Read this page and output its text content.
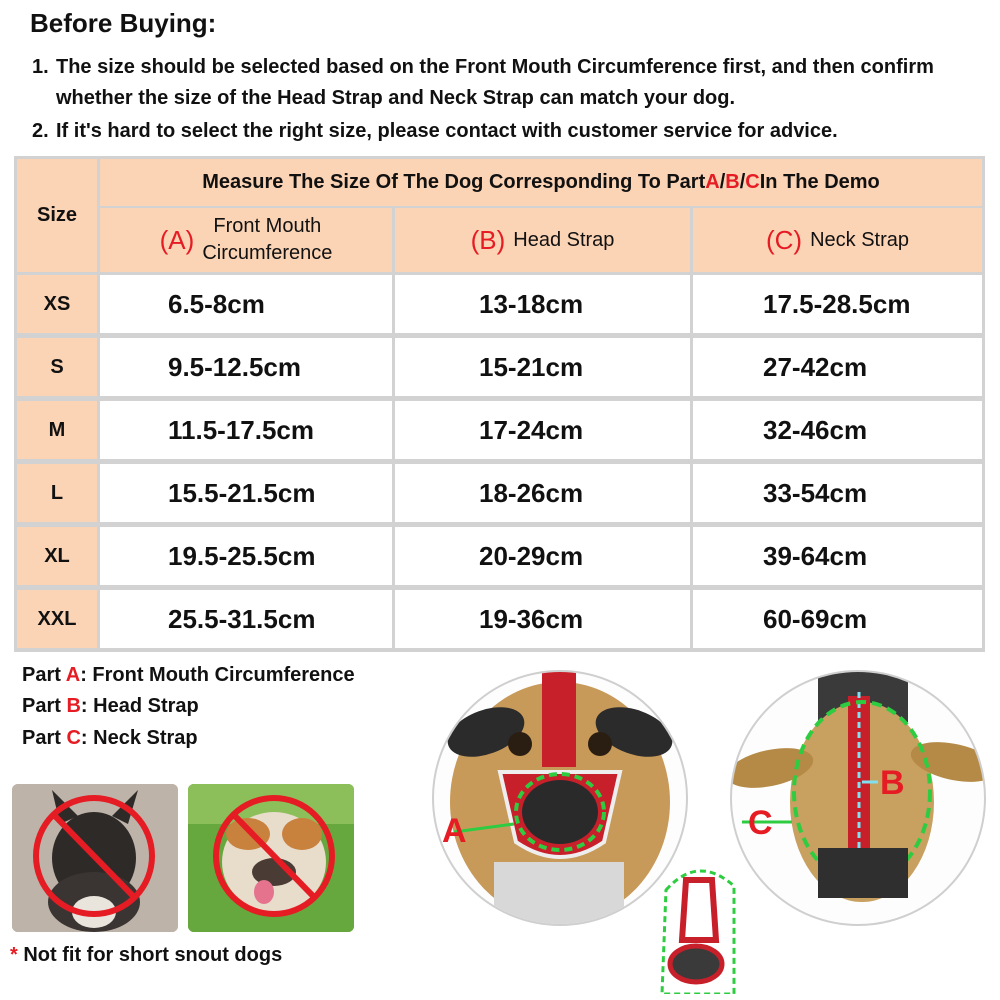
Before Buying:
1. The size should be selected based on the Front Mouth Circumference first, and then confirm whether the size of the Head Strap and Neck Strap can match your dog.
2. If it's hard to select the right size, please contact with customer service for advice.
Size
Measure The Size Of The Dog Corresponding To Part A / B / C In The Demo
(A) Front Mouth
Circumference	(B) Head Strap	(C) Neck Strap
XS	6.5-8cm	13-18cm	17.5-28.5cm
S	9.5-12.5cm	15-21cm	27-42cm
M	11.5-17.5cm	17-24cm	32-46cm
L	15.5-21.5cm	18-26cm	33-54cm
XL	19.5-25.5cm	20-29cm	39-64cm
XXL	25.5-31.5cm	19-36cm	60-69cm
Part A: Front Mouth Circumference
Part B: Head Strap
Part C: Neck Strap
* Not fit for short snout dogs
A
B
C
